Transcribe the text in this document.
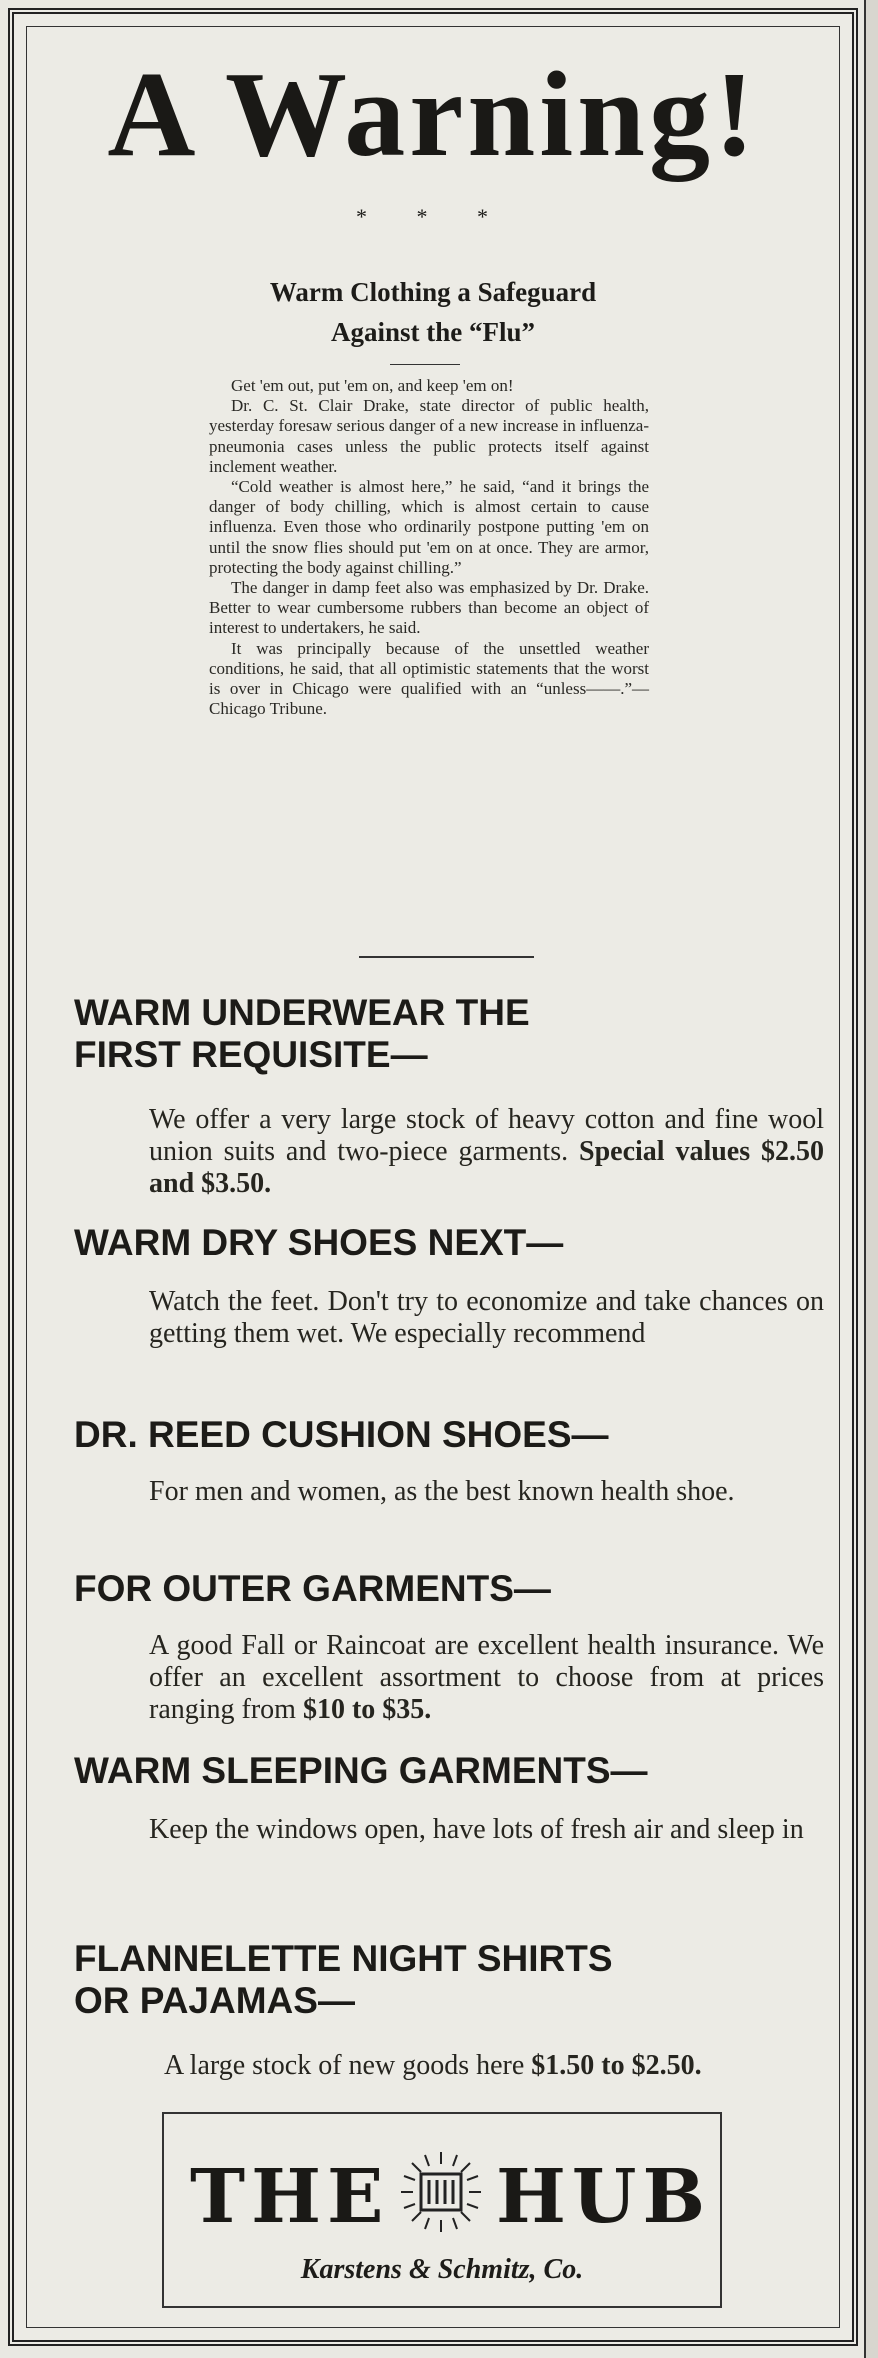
A Warning!
* * *
Warm Clothing a Safeguard
Against the “Flu”

Get 'em out, put 'em on, and keep 'em on!

Dr. C. St. Clair Drake, state director of public health, yesterday foresaw serious danger of a new increase in influenza-pneumonia cases unless the public protects itself against inclement weather.

“Cold weather is almost here,” he said, “and it brings the danger of body chilling, which is almost certain to cause influenza. Even those who ordinarily postpone putting 'em on until the snow flies should put 'em on at once. They are armor, protecting the body against chilling.”

The danger in damp feet also was emphasized by Dr. Drake. Better to wear cumbersome rubbers than become an object of interest to undertakers, he said.

It was principally because of the unsettled weather conditions, he said, that all optimistic statements that the worst is over in Chicago were qualified with an “unless——.”—Chicago Tribune.

WARM UNDERWEAR THE
FIRST REQUISITE—
We offer a very large stock of heavy cotton and fine wool union suits and two-piece garments. Special values $2.50 and $3.50.
WARM DRY SHOES NEXT—
Watch the feet. Don't try to economize and take chances on getting them wet. We especially recommend
DR. REED CUSHION SHOES—
For men and women, as the best known health shoe.
FOR OUTER GARMENTS—
A good Fall or Raincoat are excellent health insurance. We offer an excellent assortment to choose from at prices ranging from $10 to $35.
WARM SLEEPING GARMENTS—
Keep the windows open, have lots of fresh air and sleep in
FLANNELETTE NIGHT SHIRTS
OR PAJAMAS—
A large stock of new goods here $1.50 to $2.50.
THE HUB
Karstens & Schmitz, Co.
